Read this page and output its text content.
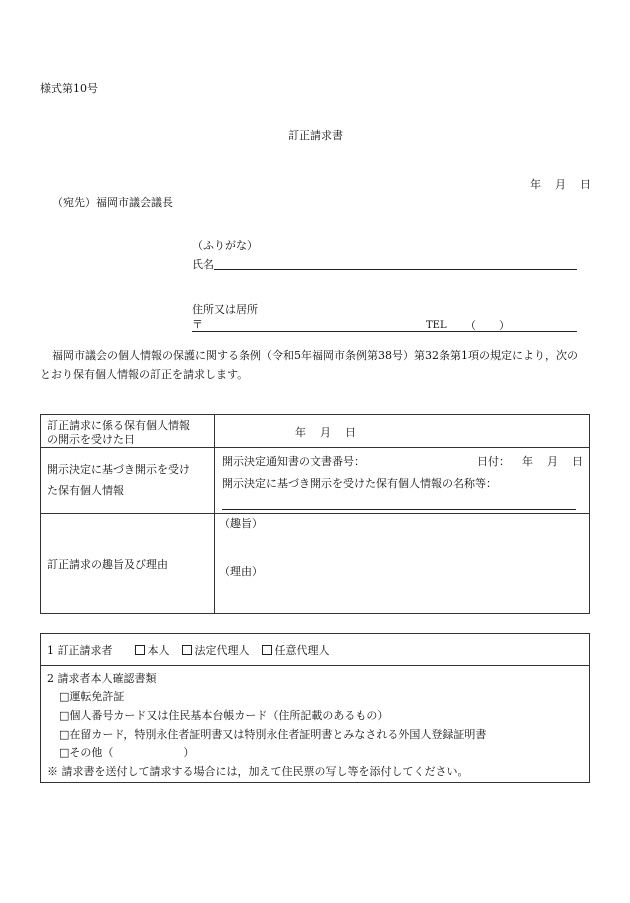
様式第10号
訂正請求書
年 月 日
（宛先）福岡市議会議長
（ふりがな）
氏名
住所又は居所
〒	TEL （ ）
福岡市議会の個人情報の保護に関する条例（令和5年福岡市条例第38号）第32条第1項の規定により，次の
とおり保有個人情報の訂正を請求します。
訂正請求に係る保有個人情報
の開示を受けた日
年 月 日
開示決定に基づき開示を受け
た保有個人情報
開示決定通知書の文書番号：	日付： 年 月 日
開示決定に基づき開示を受けた保有個人情報の名称等：
訂正請求の趣旨及び理由
（趣旨）
（理由）
1 訂正請求者	本人 法定代理人 任意代理人
2 請求者本人確認書類
□運転免許証
□個人番号カード又は住民基本台帳カード（住所記載のあるもの）
□在留カード，特別永住者証明書又は特別永住者証明書とみなされる外国人登録証明書
□その他（	）
※ 請求書を送付して請求する場合には，加えて住民票の写し等を添付してください。
